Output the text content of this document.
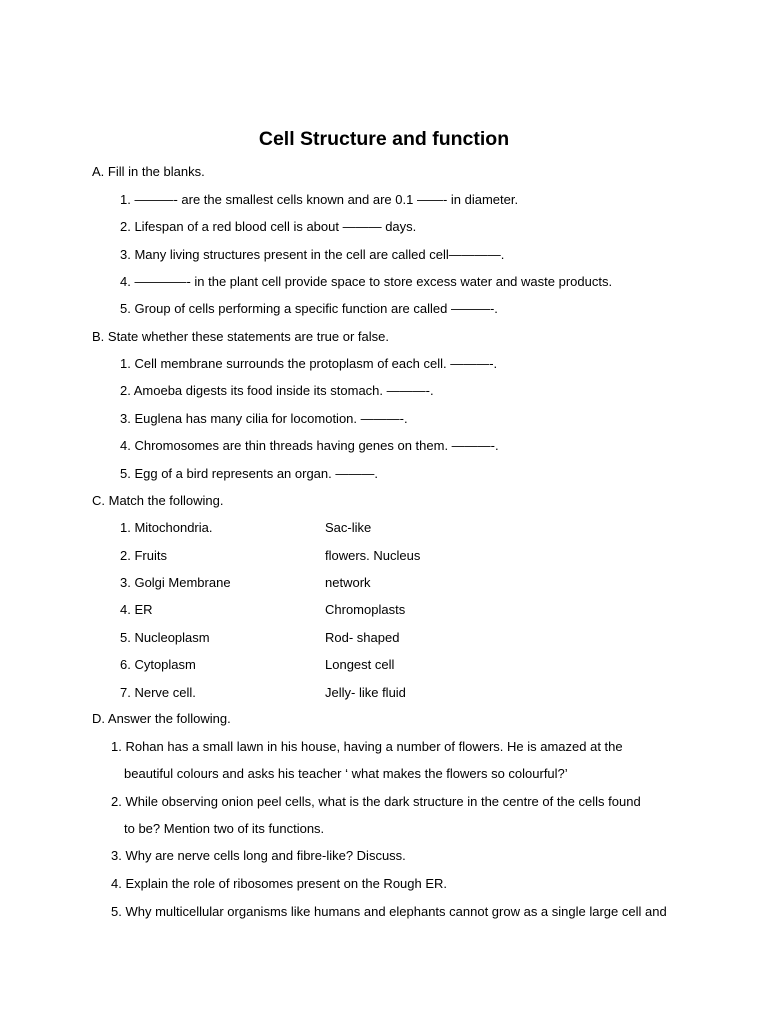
Cell Structure and function
A. Fill in the blanks.
1. ———- are the smallest cells known and are 0.1 ——- in diameter.
2. Lifespan of a red blood cell is about ——— days.
3. Many living structures present in the cell are called cell————.
4. ————- in the plant cell provide space to store excess water and waste products.
5. Group of cells performing a specific function are called ———-.
B. State whether these statements are true or false.
1. Cell membrane surrounds the protoplasm of each cell. ———-.
2. Amoeba digests its food inside its stomach. ———-.
3. Euglena has many cilia for locomotion. ———-.
4. Chromosomes are thin threads having genes on them. ———-.
5. Egg of a bird represents an organ. ———.
C. Match the following.
1. Mitochondria.	Sac-like
2. Fruits	flowers. Nucleus
3. Golgi Membrane	network
4. ER	Chromoplasts
5. Nucleoplasm	Rod- shaped
6. Cytoplasm	Longest cell
7. Nerve cell.	Jelly- like fluid
D. Answer the following.
1. Rohan has a small lawn in his house, having a number of flowers. He is amazed at the
beautiful colours and asks his teacher ‘ what makes the flowers so colourful?’
2. While observing onion peel cells, what is the dark structure in the centre of the cells found
to be? Mention two of its functions.
3. Why are nerve cells long and fibre-like? Discuss.
4. Explain the role of ribosomes present on the Rough ER.
5. Why multicellular organisms like humans and elephants cannot grow as a single large cell and
